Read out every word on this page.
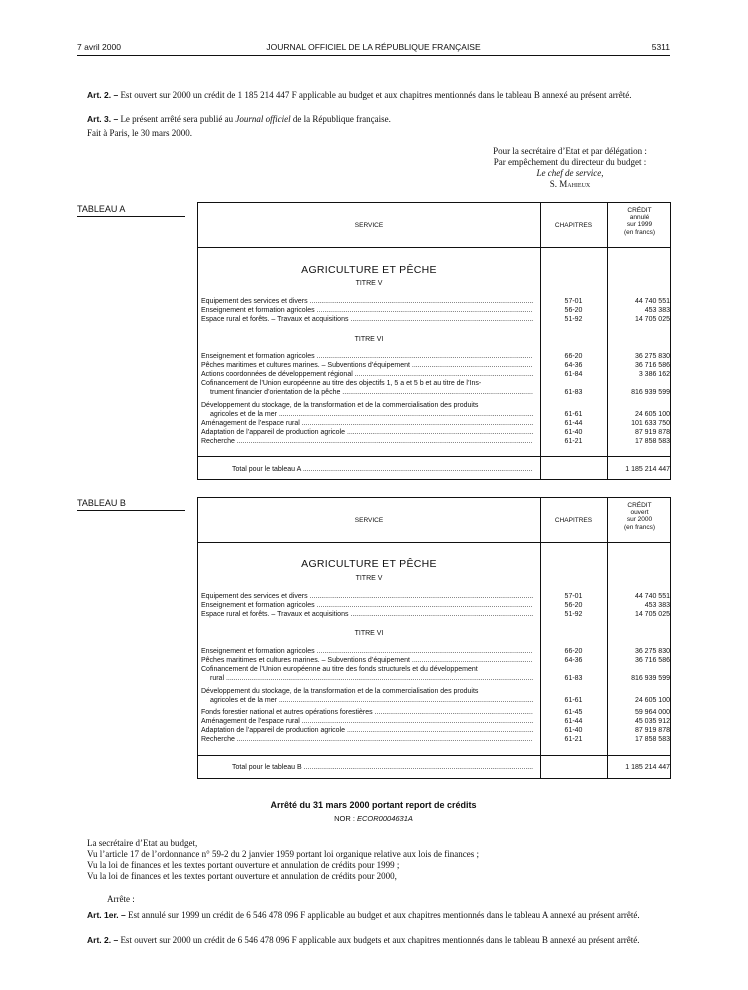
7 avril 2000	JOURNAL OFFICIEL DE LA RÉPUBLIQUE FRANÇAISE	5311
Art. 2. – Est ouvert sur 2000 un crédit de 1 185 214 447 F applicable au budget et aux chapitres mentionnés dans le tableau B annexé au présent arrêté.
Art. 3. – Le présent arrêté sera publié au Journal officiel de la République française.
Fait à Paris, le 30 mars 2000.
Pour la secrétaire d’Etat et par délégation :
Par empêchement du directeur du budget :
Le chef de service,
S. Mahieux
TABLEAU A
SERVICE	CHAPITRES
CRÉDIT
annulé
sur 1999
(en francs)
AGRICULTURE ET PÊCHE
TITRE V
Equipement des services et divers .....	57-01	44 740 551
Enseignement et formation agricoles .....	56-20	453 383
Espace rural et forêts. – Travaux et acquisitions .....	51-92	14 705 025
TITRE VI
Enseignement et formation agricoles .....	66-20	36 275 830
Pêches maritimes et cultures marines. – Subventions d’équipement .....	64-36	36 716 586
Actions coordonnées de développement régional .....	61-84	3 386 162
Cofinancement de l’Union européenne au titre des objectifs 1, 5 a et 5 b et au titre de l’Ins-
trument financier d’orientation de la pêche .....	61-83	816 939 599
Développement du stockage, de la transformation et de la commercialisation des produits
agricoles et de la mer .....	61-61	24 605 100
Aménagement de l’espace rural .....	61-44	101 633 750
Adaptation de l’appareil de production agricole .....	61-40	87 919 878
Recherche .....	61-21	17 858 583
Total pour le tableau A .....	1 185 214 447
TABLEAU B
SERVICE	CHAPITRES
CRÉDIT
ouvert
sur 2000
(en francs)
AGRICULTURE ET PÊCHE
TITRE V
Equipement des services et divers .....	57-01	44 740 551
Enseignement et formation agricoles .....	56-20	453 383
Espace rural et forêts. – Travaux et acquisitions .....	51-92	14 705 025
TITRE VI
Enseignement et formation agricoles .....	66-20	36 275 830
Pêches maritimes et cultures marines. – Subventions d’équipement .....	64-36	36 716 586
Cofinancement de l’Union européenne au titre des fonds structurels et du développement
rural .....	61-83	816 939 599
Développement du stockage, de la transformation et de la commercialisation des produits
agricoles et de la mer .....	61-61	24 605 100
Fonds forestier national et autres opérations forestières .....	61-45	59 964 000
Aménagement de l’espace rural .....	61-44	45 035 912
Adaptation de l’appareil de production agricole .....	61-40	87 919 878
Recherche .....	61-21	17 858 583
Total pour le tableau B .....	1 185 214 447
Arrêté du 31 mars 2000 portant report de crédits
NOR : ECOR0004631A
La secrétaire d’Etat au budget,
Vu l’article 17 de l’ordonnance n° 59-2 du 2 janvier 1959 portant loi organique relative aux lois de finances ;
Vu la loi de finances et les textes portant ouverture et annulation de crédits pour 1999 ;
Vu la loi de finances et les textes portant ouverture et annulation de crédits pour 2000,
Arrête :
Art. 1er. – Est annulé sur 1999 un crédit de 6 546 478 096 F applicable au budget et aux chapitres mentionnés dans le tableau A annexé au présent arrêté.
Art. 2. – Est ouvert sur 2000 un crédit de 6 546 478 096 F applicable aux budgets et aux chapitres mentionnés dans le tableau B annexé au présent arrêté.
